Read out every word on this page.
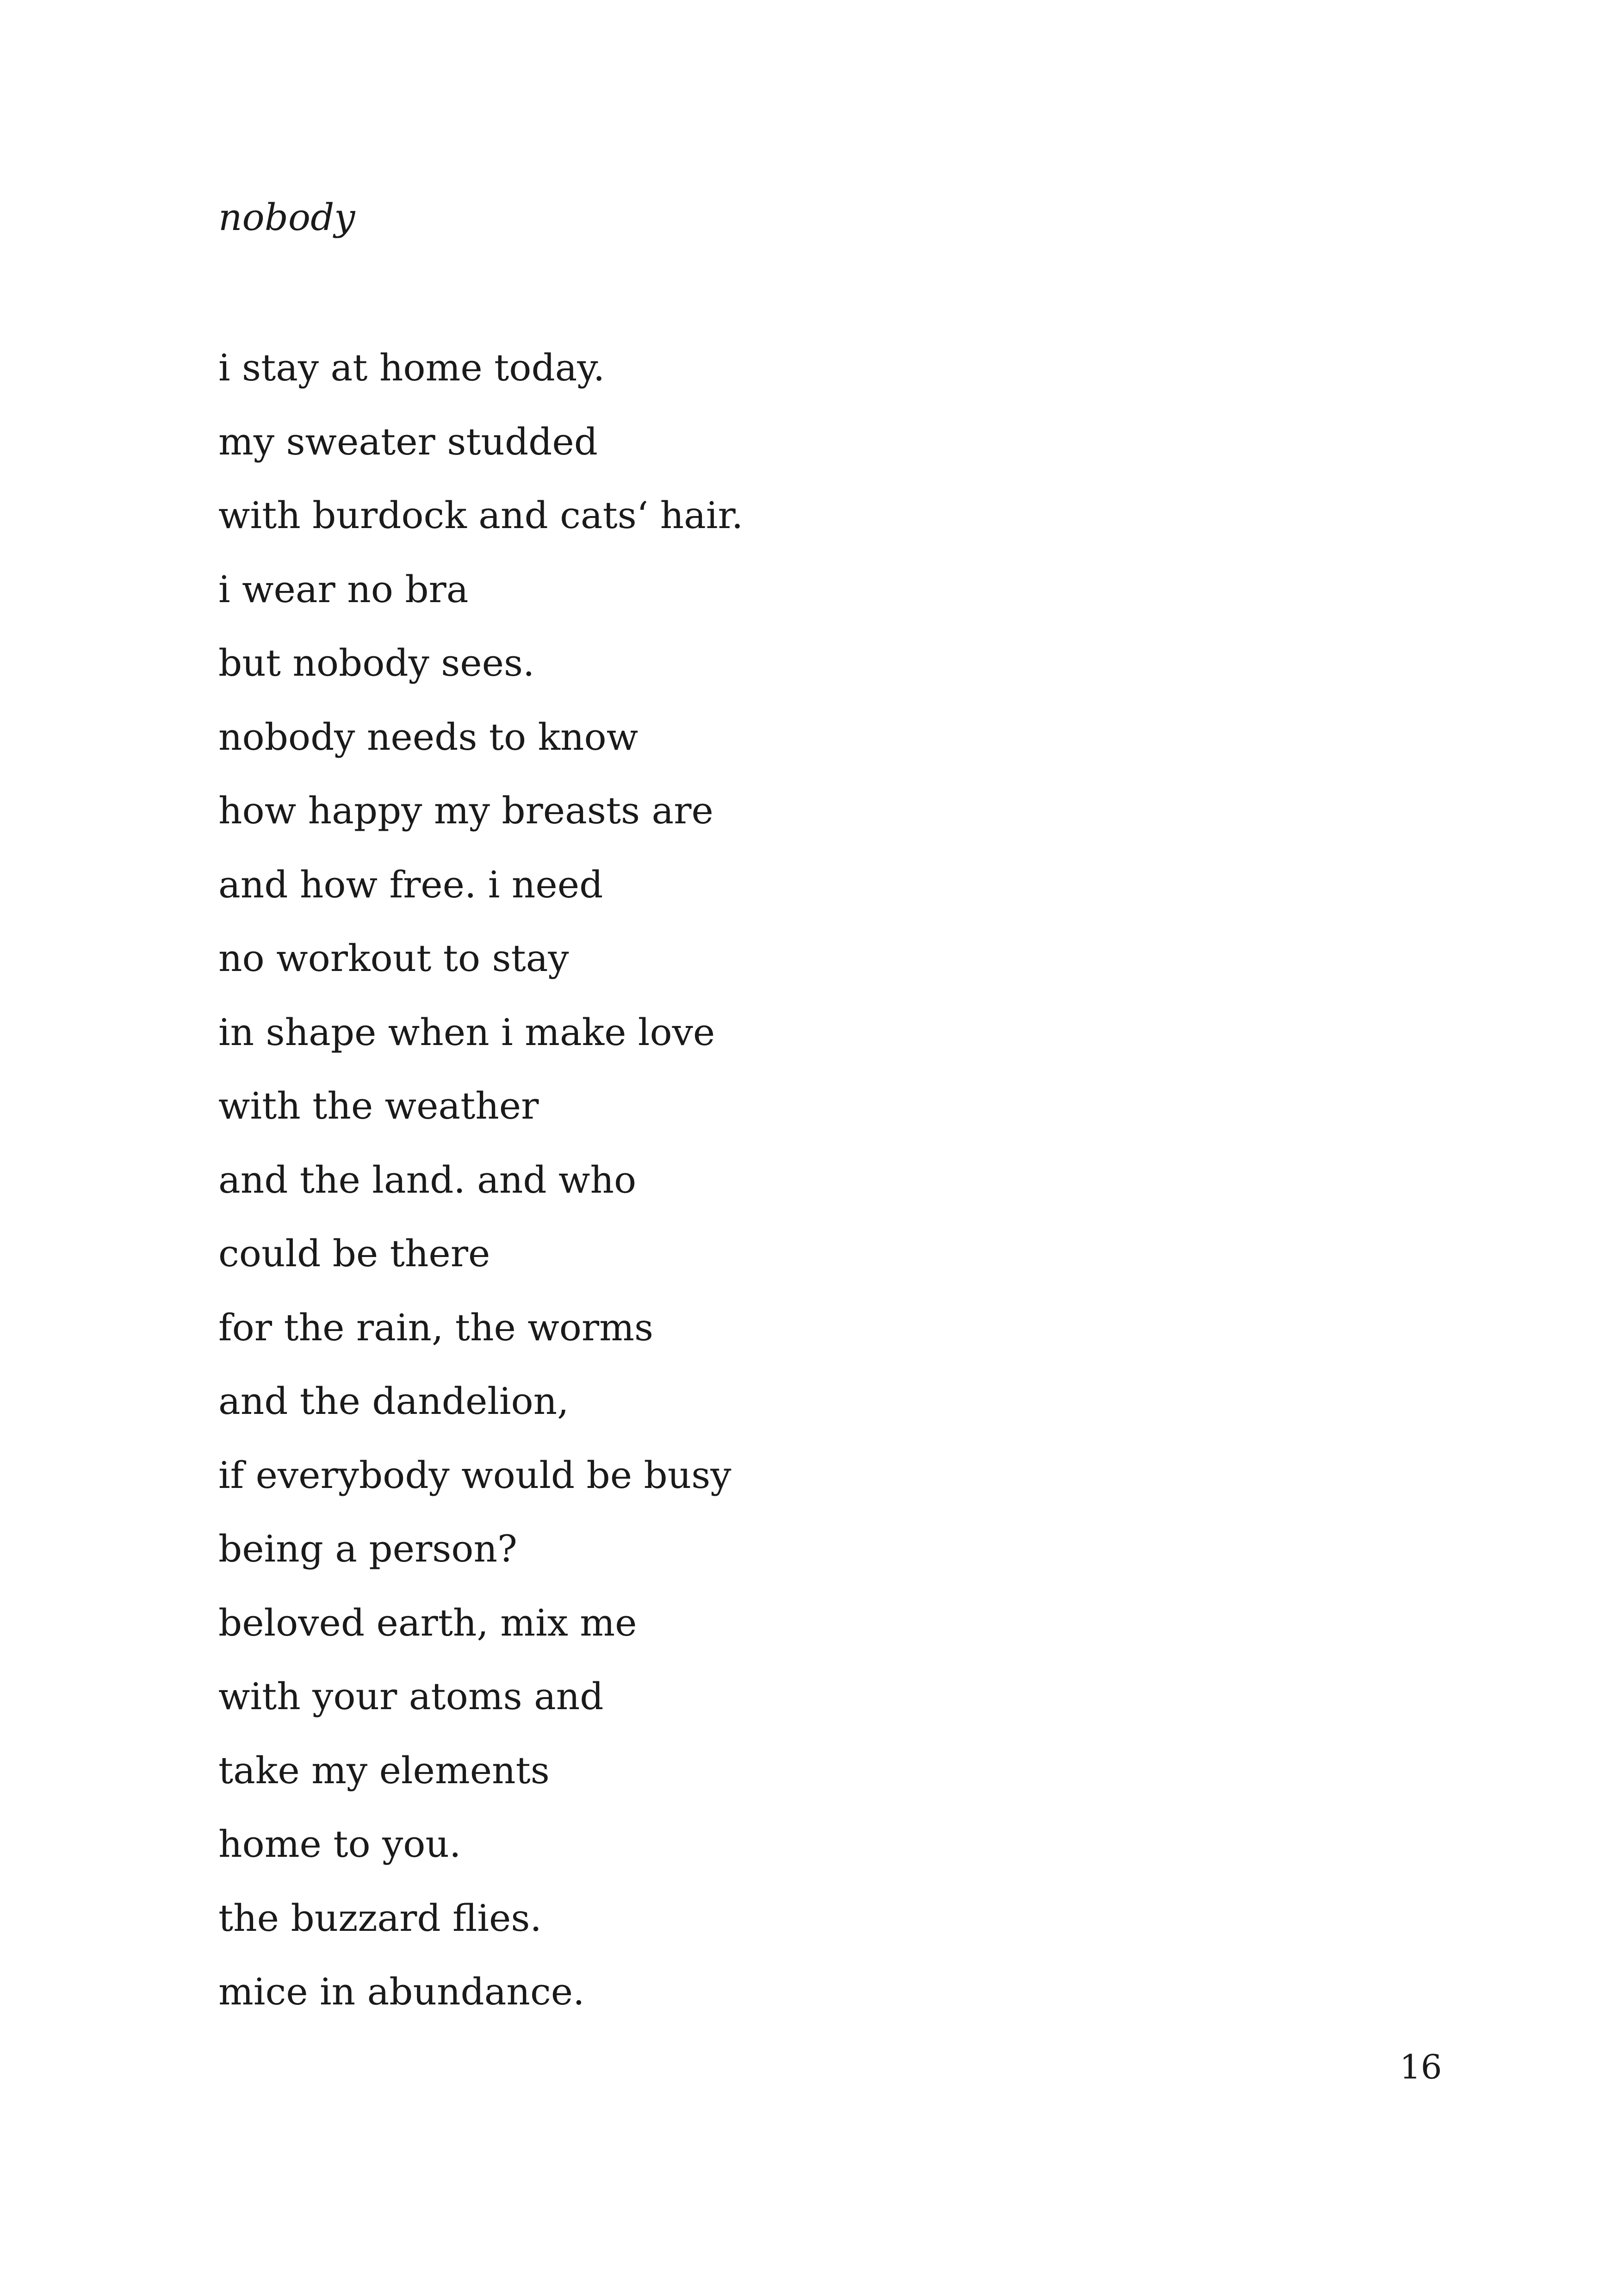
nobody
i stay at home today.
my sweater studded
with burdock and cats‘ hair.
i wear no bra
but nobody sees.
nobody needs to know
how happy my breasts are
and how free. i need
no workout to stay
in shape when i make love
with the weather
and the land. and who
could be there
for the rain, the worms
and the dandelion,
if everybody would be busy
being a person?
beloved earth, mix me
with your atoms and
take my elements
home to you.
the buzzard flies.
mice in abundance.
16
